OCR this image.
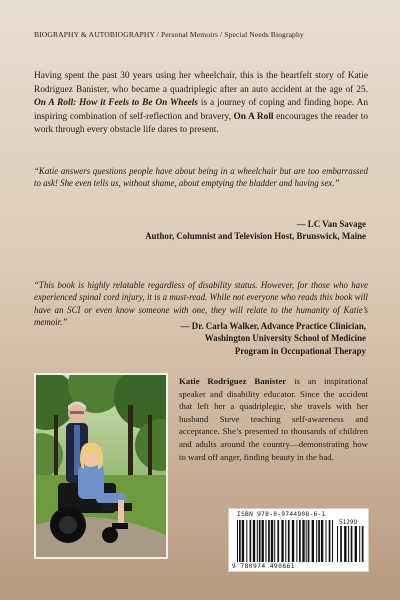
BIOGRAPHY & AUTOBIOGRAPHY / Personal Memoirs / Special Needs Biography
Having spent the past 30 years using her wheelchair, this is the heartfelt story of Katie Rodriguez Banister, who became a quadriplegic after an auto accident at the age of 25. On A Roll: How it Feels to Be On Wheels is a journey of coping and finding hope. An inspiring combination of self-reflection and bravery, On A Roll encourages the reader to work through every obstacle life dares to present.
“Katie answers questions people have about being in a wheelchair but are too embarrassed to ask! She even tells us, without shame, about emptying the bladder and having sex.”
— LC Van Savage
Author, Columnist and Television Host, Brunswick, Maine
“This book is highly relatable regardless of disability status. However, for those who have experienced spinal cord injury, it is a must-read. While not everyone who reads this book will have an SCI or even know someone with one, they will relate to the humanity of Katie’s memoir.”	— Dr. Carla Walker, Advance Practice Clinician,
Washington University School of Medicine
Program in Occupational Therapy
Katie Rodriguez Banister is an inspirational speaker and disability educator. Since the accident that left her a quadriplegic, she travels with her husband Steve teaching self-awareness and acceptance. She’s presented to thousands of children and adults around the country—demonstrating how to ward off anger, finding beauty in the bad.
ISBN 978-0-9744908-6-1
51299
9 780974 490861
